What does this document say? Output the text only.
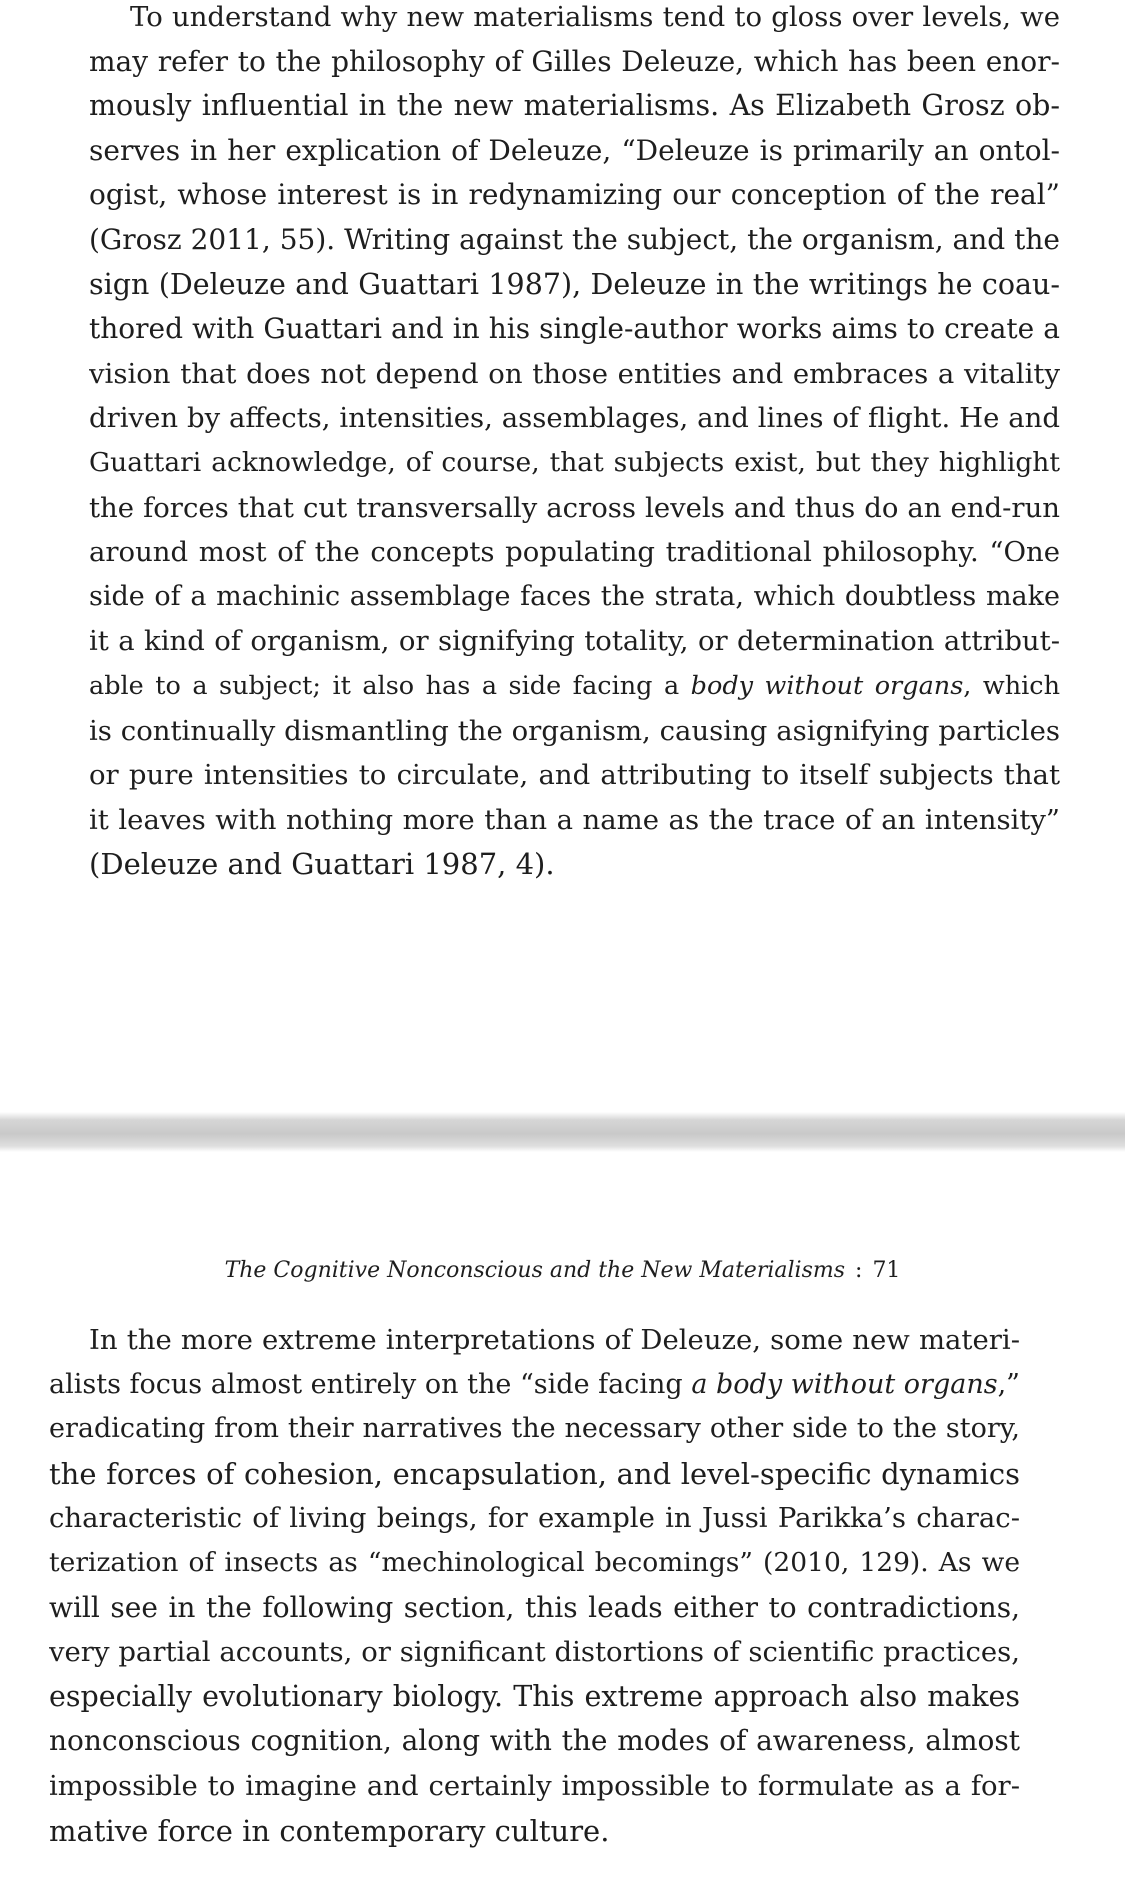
To understand why new materialisms tend to gloss over levels, we
may refer to the philosophy of Gilles Deleuze, which has been enor-
mously influential in the new materialisms. As Elizabeth Grosz ob-
serves in her explication of Deleuze, “Deleuze is primarily an ontol-
ogist, whose interest is in redynamizing our conception of the real”
(Grosz 2011, 55). Writing against the subject, the organism, and the
sign (Deleuze and Guattari 1987), Deleuze in the writings he coau-
thored with Guattari and in his single-author works aims to create a
vision that does not depend on those entities and embraces a vitality
driven by affects, intensities, assemblages, and lines of flight. He and
Guattari acknowledge, of course, that subjects exist, but they highlight
the forces that cut transversally across levels and thus do an end-run
around most of the concepts populating traditional philosophy. “One
side of a machinic assemblage faces the strata, which doubtless make
it a kind of organism, or signifying totality, or determination attribut-
able to a subject; it also has a side facing a body without organs, which
is continually dismantling the organism, causing asignifying particles
or pure intensities to circulate, and attributing to itself subjects that
it leaves with nothing more than a name as the trace of an intensity”
(Deleuze and Guattari 1987, 4).
The Cognitive Nonconscious and the New Materialisms : 71
In the more extreme interpretations of Deleuze, some new materi-
alists focus almost entirely on the “side facing a body without organs,”
eradicating from their narratives the necessary other side to the story,
the forces of cohesion, encapsulation, and level-specific dynamics
characteristic of living beings, for example in Jussi Parikka’s charac-
terization of insects as “mechinological becomings” (2010, 129). As we
will see in the following section, this leads either to contradictions,
very partial accounts, or significant distortions of scientific practices,
especially evolutionary biology. This extreme approach also makes
nonconscious cognition, along with the modes of awareness, almost
impossible to imagine and certainly impossible to formulate as a for-
mative force in contemporary culture.
